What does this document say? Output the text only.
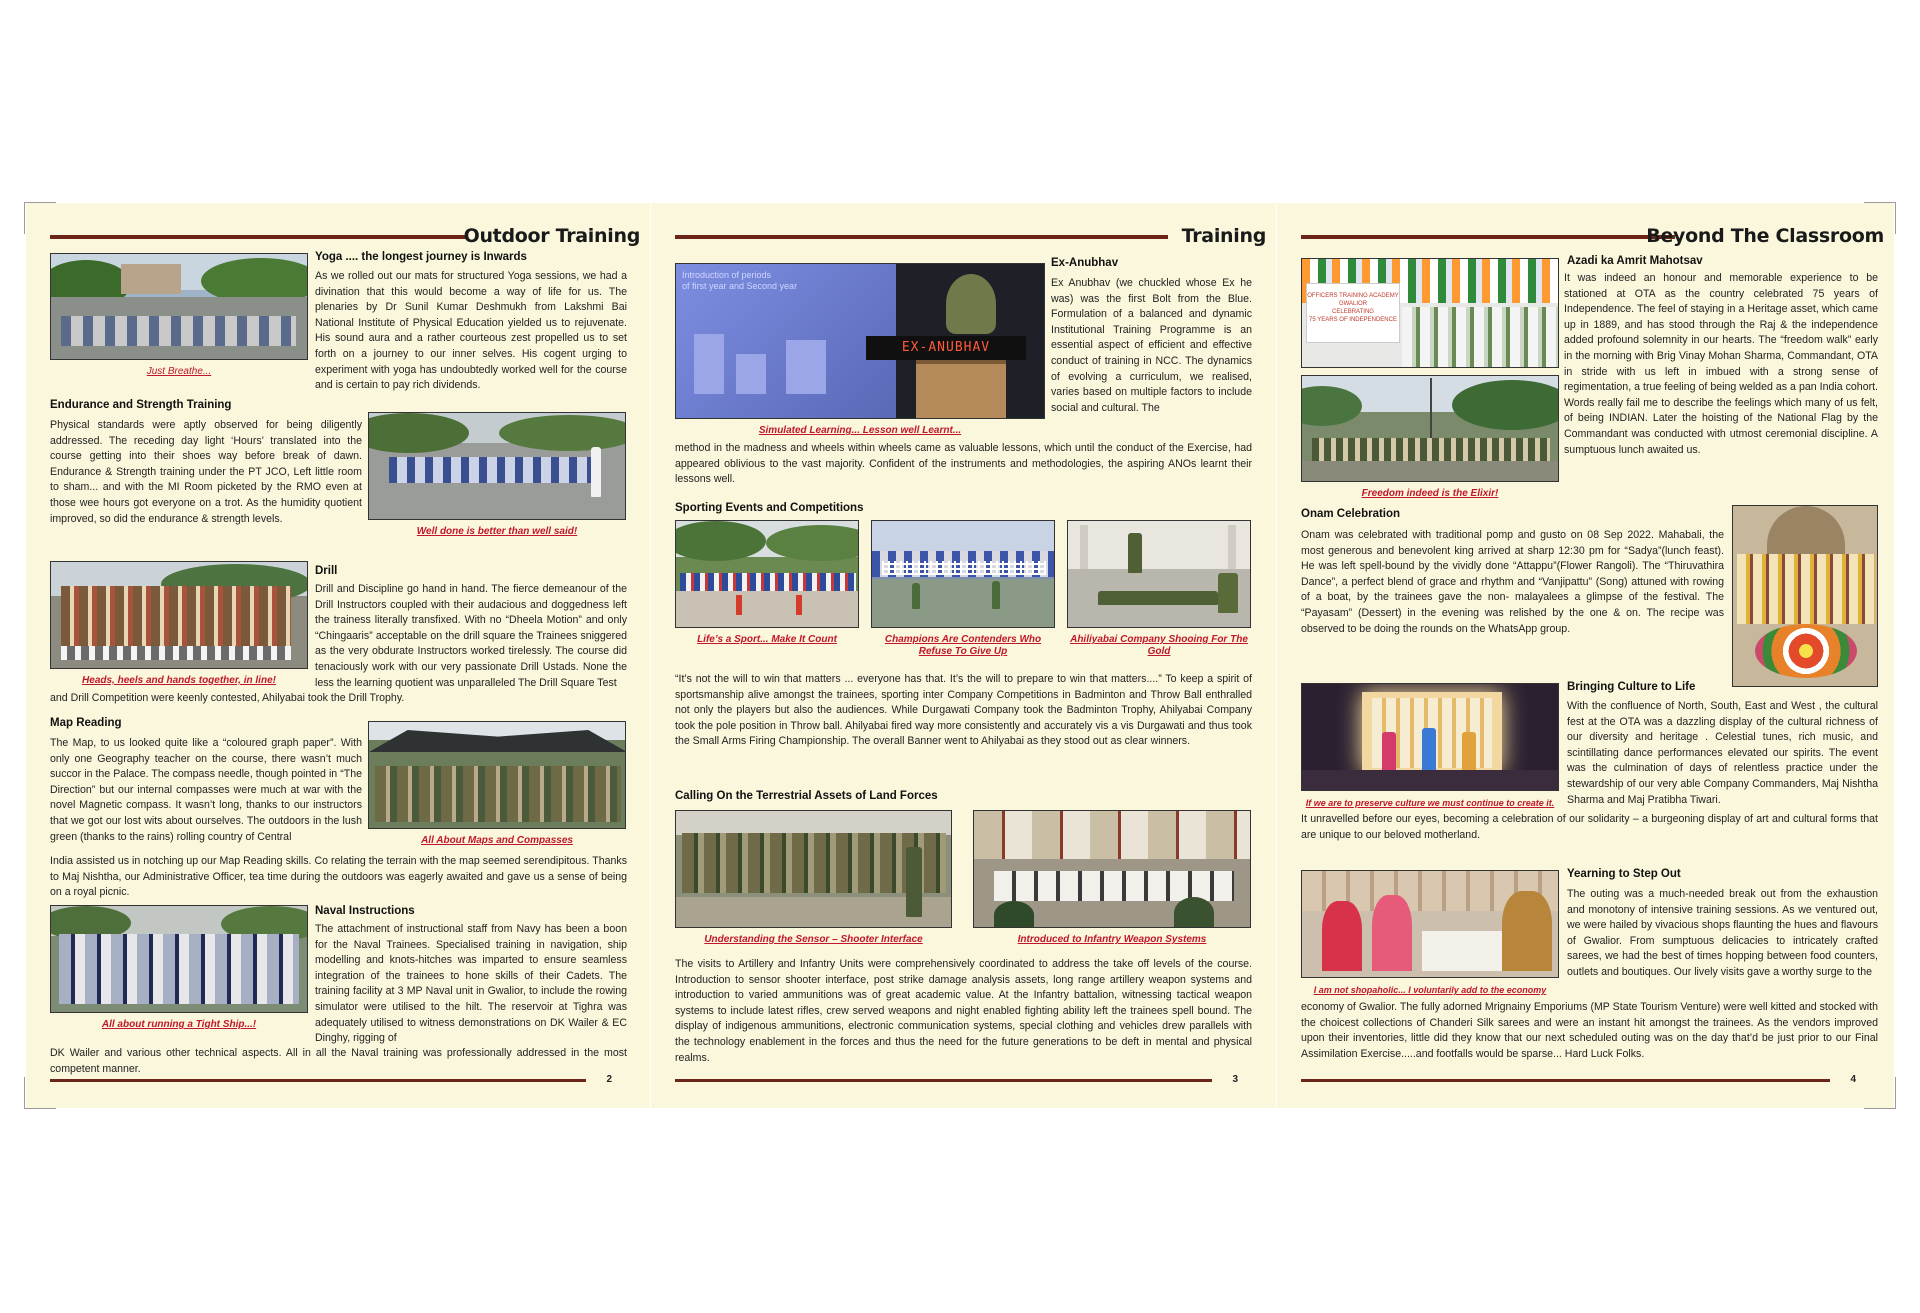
Outdoor Training
Just Breathe...
Yoga .... the longest journey is Inwards
As we rolled out our mats for structured Yoga sessions, we had a divination that this would become a way of life for us. The plenaries by Dr Sunil Kumar Deshmukh from Lakshmi Bai National Institute of Physical Education yielded us to rejuvenate. His sound aura and a rather courteous zest propelled us to set forth on a journey to our inner selves. His cogent urging to experiment with yoga has undoubtedly worked well for the course and is certain to pay rich dividends.
Endurance and Strength Training
Physical standards were aptly observed for being diligently addressed. The receding day light ‘Hours’ translated into the course getting into their shoes way before break of dawn. Endurance & Strength training under the PT JCO, Left little room to sham... and with the MI Room picketed by the RMO even at those wee hours got everyone on a trot. As the humidity quotient improved, so did the endurance & strength levels.
Well done is better than well said!
Heads, heels and hands together, in line!
Drill
Drill and Discipline go hand in hand. The fierce demeanour of the Drill Instructors coupled with their audacious and doggedness left the trainess literally transfixed. With no “Dheela Motion” and only “Chingaaris” acceptable on the drill square the Trainees sniggered as the very obdurate Instructors worked tirelessly. The course did tenaciously work with our very passionate Drill Ustads. None the less the learning quotient was unparalleled The Drill Square Test
and Drill Competition were keenly contested, Ahilyabai took the Drill Trophy.
Map Reading
The Map, to us looked quite like a “coloured graph paper”. With only one Geography teacher on the course, there wasn’t much succor in the Palace. The compass needle, though pointed in “The Direction” but our internal compasses were much at war with the novel Magnetic compass. It wasn’t long, thanks to our instructors that we got our lost wits about ourselves. The outdoors in the lush green (thanks to the rains) rolling country of Central	All About Maps and Compasses
India assisted us in notching up our Map Reading skills. Co relating the terrain with the map seemed serendipitous. Thanks to Maj Nishtha, our Administrative Officer, tea time during the outdoors was eagerly awaited and gave us a sense of being on a royal picnic.
All about running a Tight Ship...!
Naval Instructions
The attachment of instructional staff from Navy has been a boon for the Naval Trainees. Specialised training in navigation, ship modelling and knots-hitches was imparted to ensure seamless integration of the trainees to hone skills of their Cadets. The training facility at 3 MP Naval unit in Gwalior, to include the rowing simulator were utilised to the hilt. The reservoir at Tighra was adequately utilised to witness demonstrations on DK Wailer & EC Dinghy, rigging of
DK Wailer and various other technical aspects. All in all the Naval training was professionally addressed in the most competent manner.
2
Training
Introduction of periods
of first year and Second year
EX-ANUBHAV
Simulated Learning... Lesson well Learnt...
Ex-Anubhav
Ex Anubhav (we chuckled whose Ex he was) was the first Bolt from the Blue. Formulation of a balanced and dynamic Institutional Training Programme is an essential aspect of efficient and effective conduct of training in NCC. The dynamics of evolving a curriculum, we realised, varies based on multiple factors to include social and cultural. The
method in the madness and wheels within wheels came as valuable lessons, which until the conduct of the Exercise, had appeared oblivious to the vast majority. Confident of the instruments and methodologies, the aspiring ANOs learnt their lessons well.
Sporting Events and Competitions
Life’s a Sport... Make It Count	Champions Are Contenders Who Refuse To Give Up
Ahiliyabai Company Shooing For The Gold
“It’s not the will to win that matters ... everyone has that. It’s the will to prepare to win that matters....” To keep a spirit of sportsmanship alive amongst the trainees, sporting inter Company Competitions in Badminton and Throw Ball enthralled not only the players but also the audiences. While Durgawati Company took the Badminton Trophy, Ahilyabai Company took the pole position in Throw ball. Ahilyabai fired way more consistently and accurately vis a vis Durgawati and thus took the Small Arms Firing Championship. The overall Banner went to Ahilyabai as they stood out as clear winners.
Calling On the Terrestrial Assets of Land Forces
Understanding the Sensor – Shooter Interface	Introduced to Infantry Weapon Systems
The visits to Artillery and Infantry Units were comprehensively coordinated to address the take off levels of the course. Introduction to sensor shooter interface, post strike damage analysis assets, long range artillery weapon systems and introduction to varied ammunitions was of great academic value. At the Infantry battalion, witnessing tactical weapon systems to include latest rifles, crew served weapons and night enabled fighting ability left the trainees spell bound. The display of indigenous ammunitions, electronic communication systems, special clothing and vehicles drew parallels with the technology enablement in the forces and thus the need for the future generations to be deft in mental and physical realms.
3
Beyond The Classroom
OFFICERS TRAINING ACADEMY
GWALIOR
CELEBRATING
75 YEARS OF INDEPENDENCE
Freedom indeed is the Elixir!
Azadi ka Amrit Mahotsav
It was indeed an honour and memorable experience to be stationed at OTA as the country celebrated 75 years of Independence. The feel of staying in a Heritage asset, which came up in 1889, and has stood through the Raj & the independence added profound solemnity in our hearts. The “freedom walk” early in the morning with Brig Vinay Mohan Sharma, Commandant, OTA in stride with us left in imbued with a strong sense of regimentation, a true feeling of being welded as a pan India cohort. Words really fail me to describe the feelings which many of us felt, of being INDIAN. Later the hoisting of the National Flag by the Commandant was conducted with utmost ceremonial discipline. A sumptuous lunch awaited us.
Onam Celebration
Onam was celebrated with traditional pomp and gusto on 08 Sep 2022. Mahabali, the most generous and benevolent king arrived at sharp 12:30 pm for “Sadya”(lunch feast). He was left spell-bound by the vividly done “Attappu”(Flower Rangoli). The “Thiruvathira Dance”, a perfect blend of grace and rhythm and “Vanjipattu” (Song) attuned with rowing of a boat, by the trainees gave the non- malayalees a glimpse of the festival. The “Payasam” (Dessert) in the evening was relished by the one & on. The recipe was observed to be doing the rounds on the WhatsApp group.
If we are to preserve culture we must continue to create it.
Bringing Culture to Life
With the confluence of North, South, East and West , the cultural fest at the OTA was a dazzling display of the cultural richness of our diversity and heritage . Celestial tunes, rich music, and scintillating dance performances elevated our spirits. The event was the culmination of days of relentless practice under the stewardship of our very able Company Commanders, Maj Nishtha Sharma and Maj Pratibha Tiwari.
It unravelled before our eyes, becoming a celebration of our solidarity – a burgeoning display of art and cultural forms that are unique to our beloved motherland.
I am not shopaholic... I voluntarily add to the economy
Yearning to Step Out
The outing was a much-needed break out from the exhaustion and monotony of intensive training sessions. As we ventured out, we were hailed by vivacious shops flaunting the hues and flavours of Gwalior. From sumptuous delicacies to intricately crafted sarees, we had the best of times hopping between food counters, outlets and boutiques. Our lively visits gave a worthy surge to the
economy of Gwalior. The fully adorned Mrignainy Emporiums (MP State Tourism Venture) were well kitted and stocked with the choicest collections of Chanderi Silk sarees and were an instant hit amongst the trainees. As the vendors improved upon their inventories, little did they know that our next scheduled outing was on the day that’d be just prior to our Final Assimilation Exercise.....and footfalls would be sparse... Hard Luck Folks.
4
